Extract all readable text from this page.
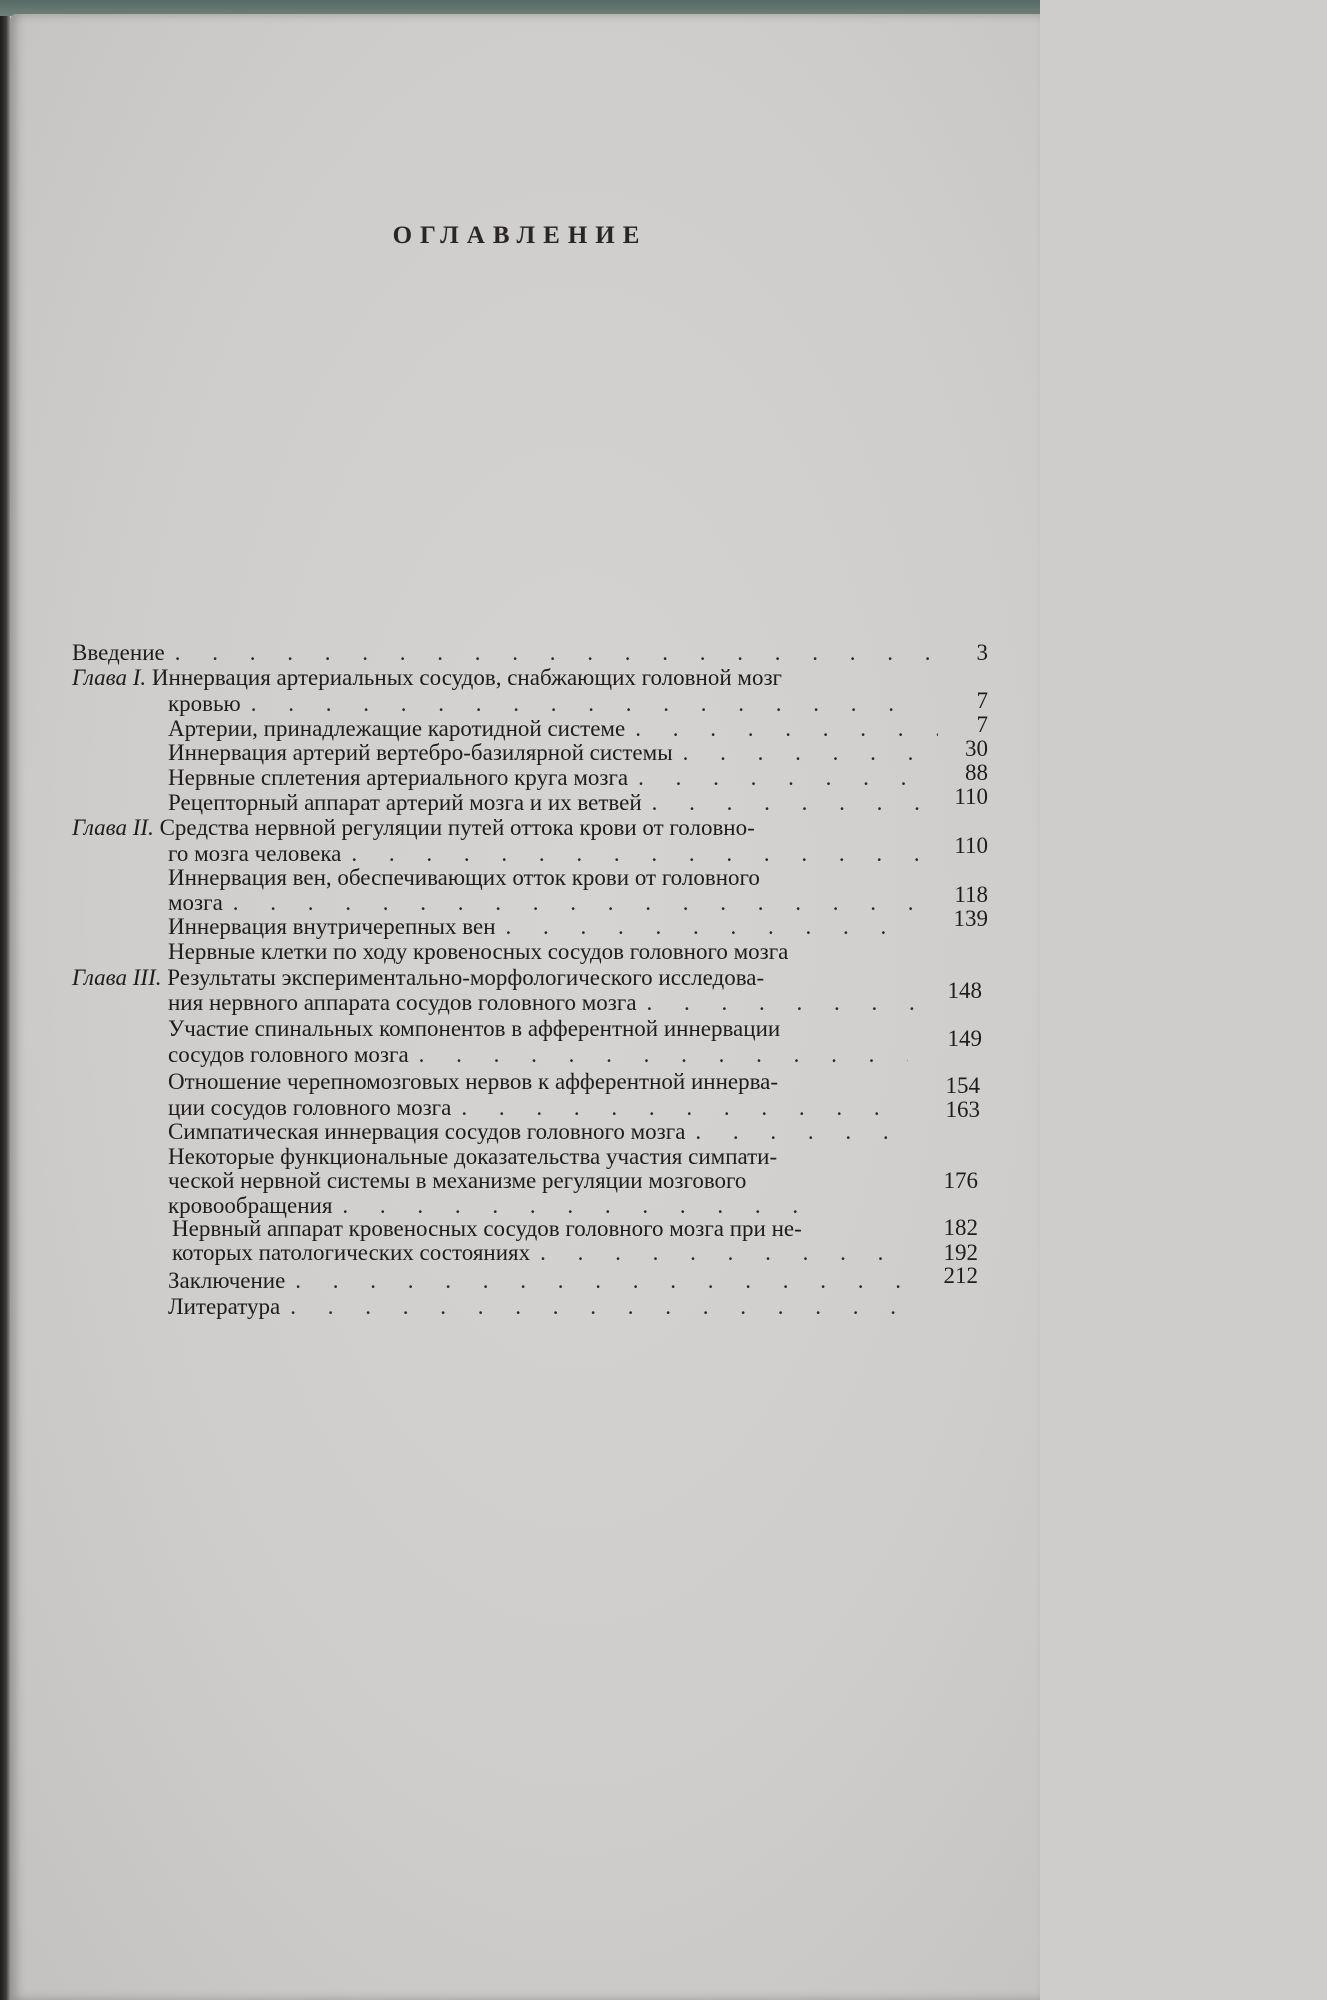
ОГЛАВЛЕНИЕ
Введение
. . .
Глава I. Иннервация артериальных сосудов, снабжающих головной мозг
кровью
. . .
Артерии, принадлежащие каротидной системе
. . .
Иннервация артерий вертебро-базилярной системы
. . .
Нервные сплетения артериального круга мозга
. . .
Рецепторный аппарат артерий мозга и их ветвей
. . .
Глава II. Средства нервной регуляции путей оттока крови от головно-
го мозга человека
. . .
Иннервация вен, обеспечивающих отток крови от головного
мозга
. . .
Иннервация внутричерепных вен
. . .
Нервные клетки по ходу кровеносных сосудов головного мозга
Глава III. Результаты экспериментально-морфологического исследова-
ния нервного аппарата сосудов головного мозга
. . .
Участие спинальных компонентов в афферентной иннервации
сосудов головного мозга
. . .
Отношение черепномозговых нервов к афферентной иннерва-
ции сосудов головного мозга
. . .
Симпатическая иннервация сосудов головного мозга
. . .
Некоторые функциональные доказательства участия симпати-
ческой нервной системы в механизме регуляции мозгового
кровообращения
. . .
Нервный аппарат кровеносных сосудов головного мозга при не-
которых патологических состояниях
. . .
Заключение
. . .
Литература
. . .
3
7
7
30
88
110
110
118
139
148
149
154
163
176
182
192
212
